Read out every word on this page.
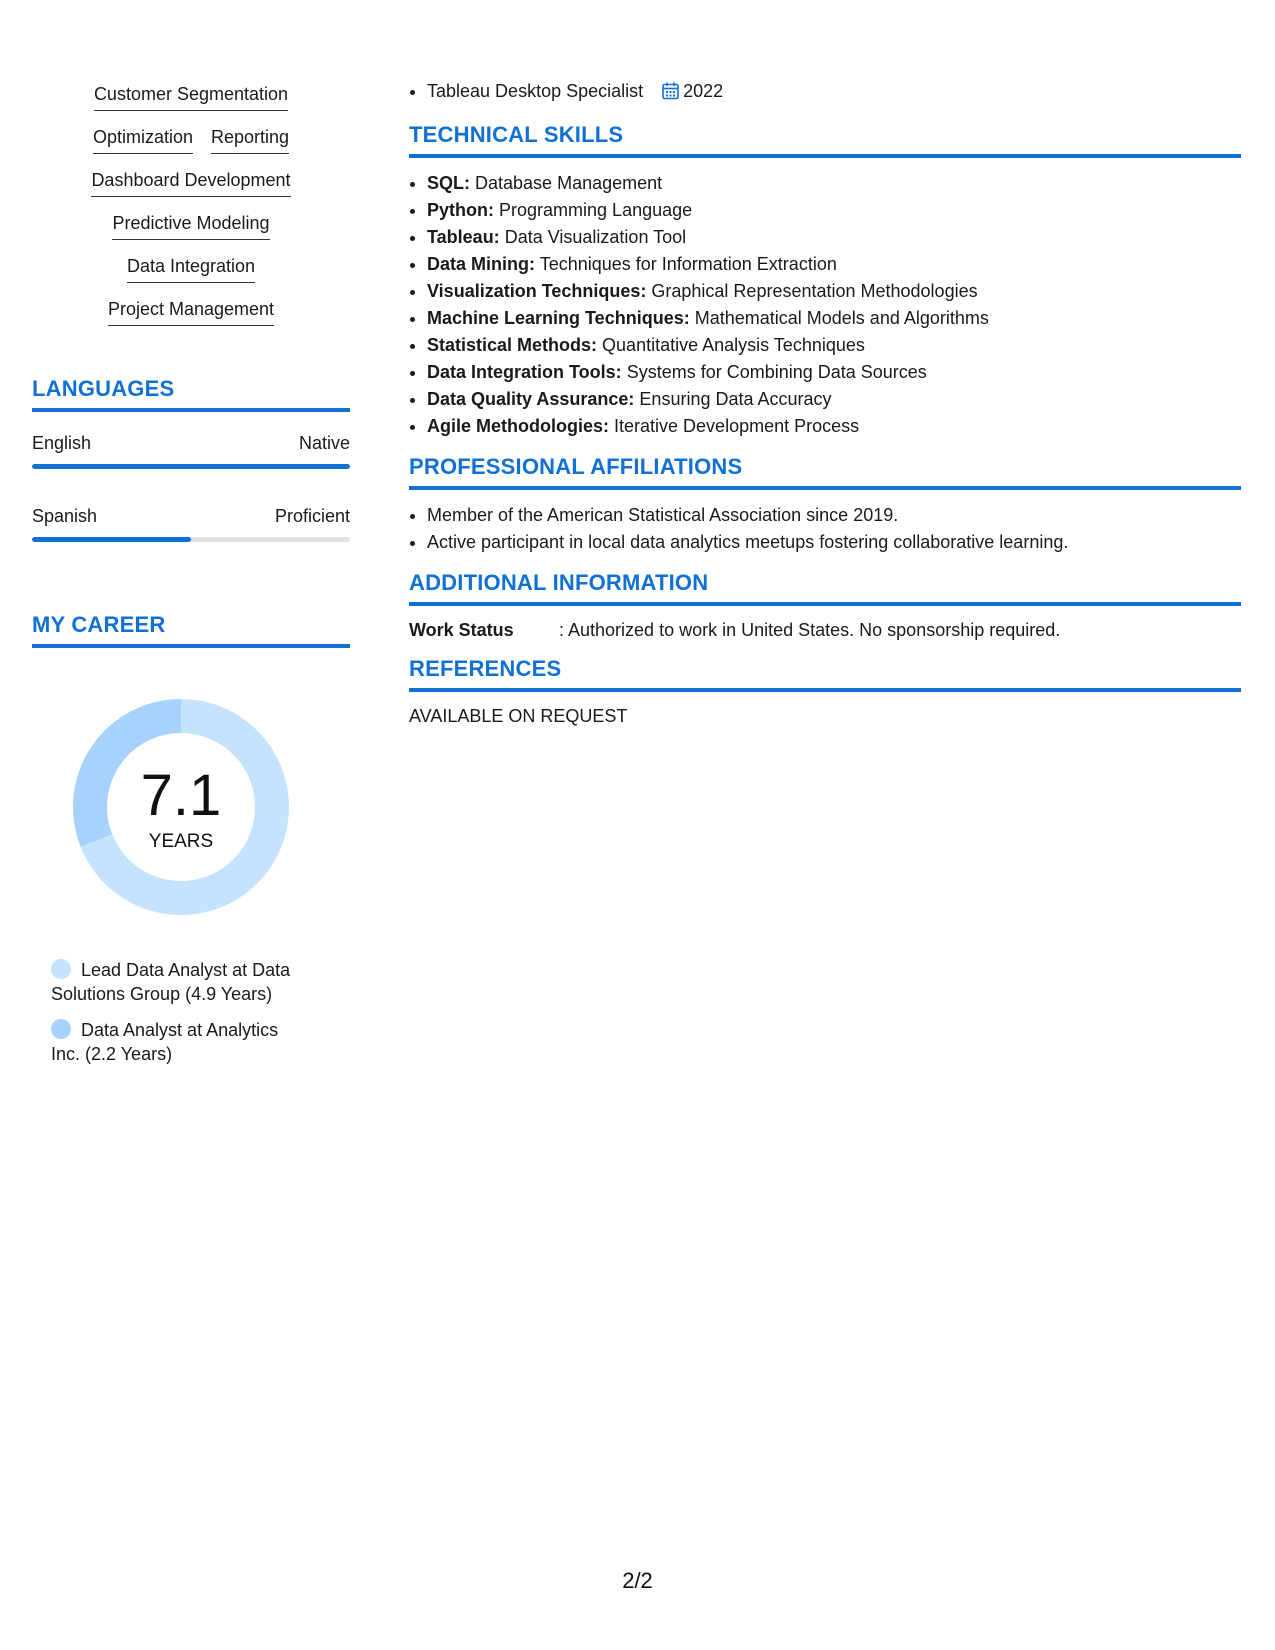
Customer Segmentation
Optimization Reporting
Dashboard Development
Predictive Modeling
Data Integration
Project Management
LANGUAGES
English	Native
Spanish	Proficient
MY CAREER
7.1
YEARS
Lead Data Analyst at Data Solutions Group (4.9 Years)
Data Analyst at Analytics Inc. (2.2 Years)
• Tableau Desktop Specialist 2022
TECHNICAL SKILLS
• SQL: Database Management
• Python: Programming Language
• Tableau: Data Visualization Tool
• Data Mining: Techniques for Information Extraction
• Visualization Techniques: Graphical Representation Methodologies
• Machine Learning Techniques: Mathematical Models and Algorithms
• Statistical Methods: Quantitative Analysis Techniques
• Data Integration Tools: Systems for Combining Data Sources
• Data Quality Assurance: Ensuring Data Accuracy
• Agile Methodologies: Iterative Development Process
PROFESSIONAL AFFILIATIONS
• Member of the American Statistical Association since 2019.
• Active participant in local data analytics meetups fostering collaborative learning.
ADDITIONAL INFORMATION
Work Status	: Authorized to work in United States. No sponsorship required.
REFERENCES
AVAILABLE ON REQUEST
2/2
